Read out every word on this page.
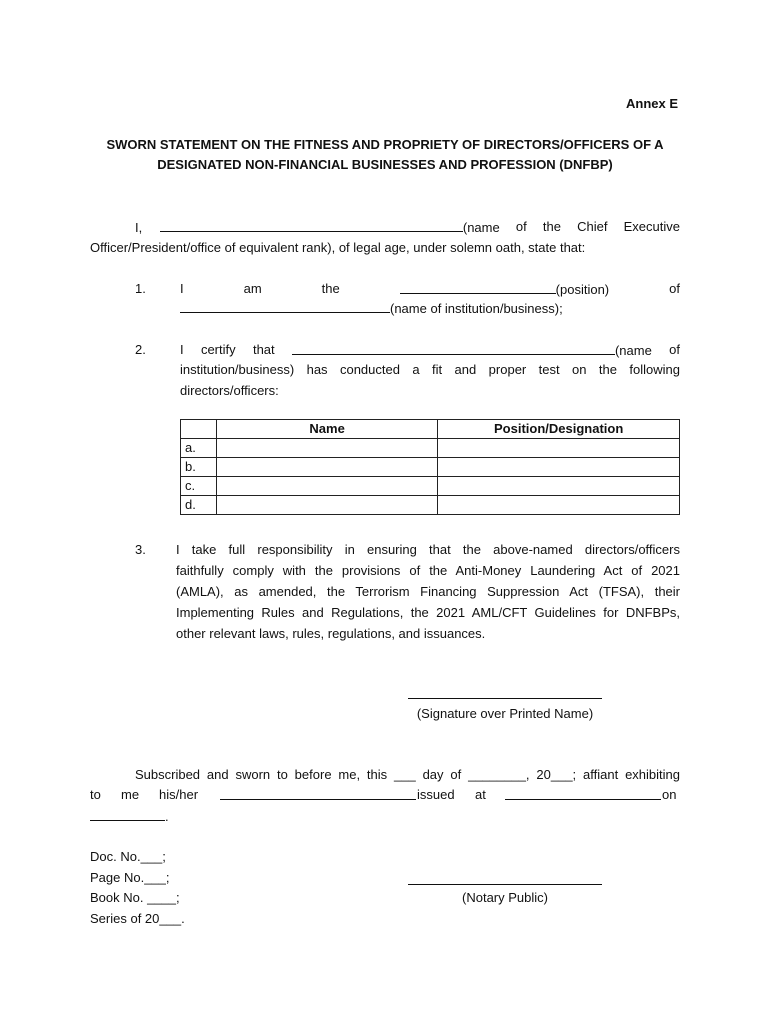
Annex E
SWORN STATEMENT ON THE FITNESS AND PROPRIETY OF DIRECTORS/OFFICERS OF A
DESIGNATED NON-FINANCIAL BUSINESSES AND PROFESSION (DNFBP)
I,	(name of the Chief Executive
Officer/President/office of equivalent rank), of legal age, under solemn oath, state that:
1.	I	am	the	(position)	of
(name of institution/business);
2.	I certify that	(name of
institution/business) has conducted a fit and proper test on the following
directors/officers:
	Name	Position/Designation
a.		
b.		
c.		
d.		
3. I take full responsibility in ensuring that the above-named directors/officers
faithfully comply with the provisions of the Anti-Money Laundering Act of 2021
(AMLA), as amended, the Terrorism Financing Suppression Act (TFSA), their
Implementing Rules and Regulations, the 2021 AML/CFT Guidelines for DNFBPs,
other relevant laws, rules, regulations, and issuances.
(Signature over Printed Name)
Subscribed and sworn to before me, this ___ day of ________, 20___; affiant exhibiting
to me his/her	issued at	on
.
Doc. No.___;
Page No.___;
Book No. ____;
Series of 20___.
(Notary Public)
